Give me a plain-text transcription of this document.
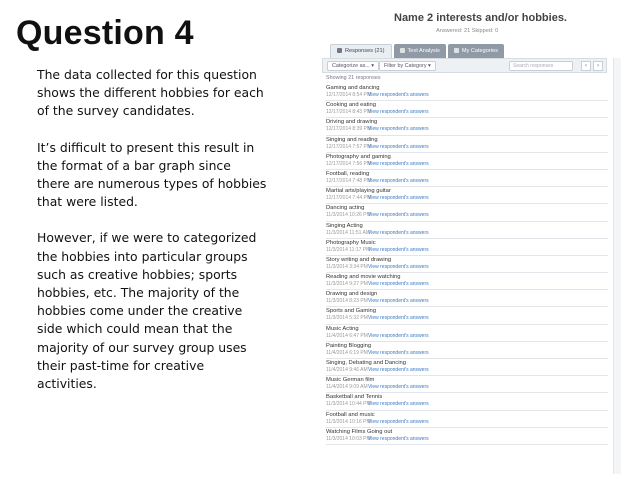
Question 4

The data collected for this question shows the different hobbies for each of the survey candidates.

It’s difficult to present this result in the format of a bar graph since there are numerous types of hobbies that were listed.

However, if we were to categorized the hobbies into particular groups such as creative hobbies; sports hobbies, etc. The majority of the hobbies come under the creative side which could mean that the majority of our survey group uses their past-time for creative activities.

Name 2 interests and/or hobbies.
Answered: 21 Skipped: 0
Responses (21)	Text Analysis	My Categories
Categorize as... ▾	Filter by Category ▾	Search responses	‹	›
Showing 21 responses
Gaming and dancing
12/17/2014 8:54 PMView respondent's answers
Cooking and eating
12/17/2014 8:43 PMView respondent's answers
Driving and drawing
12/17/2014 8:39 PMView respondent's answers
Singing and reading
12/17/2014 7:57 PMView respondent's answers
Photography and gaming
12/17/2014 7:56 PMView respondent's answers
Football, reading
12/17/2014 7:48 PMView respondent's answers
Martial arts/playing guitar
12/17/2014 7:44 PMView respondent's answers
Dancing acting
11/3/2014 10:26 PMView respondent's answers
Singing Acting
11/3/2014 11:51 AMView respondent's answers
Photography Music
11/3/2014 11:17 PMView respondent's answers
Story writing and drawing
11/3/2014 3:34 PMView respondent's answers
Reading and movie watching
11/3/2014 9:27 PMView respondent's answers
Drawing and design
11/3/2014 8:23 PMView respondent's answers
Sports and Gaming
11/3/2014 5:32 PMView respondent's answers
Music Acting
11/4/2014 6:47 PMView respondent's answers
Painting Blogging
11/4/2014 6:19 PMView respondent's answers
Singing, Debating and Dancing
11/4/2014 9:46 AMView respondent's answers
Music German film
11/4/2014 9:09 AMView respondent's answers
Basketball and Tennis
11/3/2014 10:44 PMView respondent's answers
Football and music
11/3/2014 10:16 PMView respondent's answers
Watching Films Going out
11/3/2014 10:03 PMView respondent's answers
